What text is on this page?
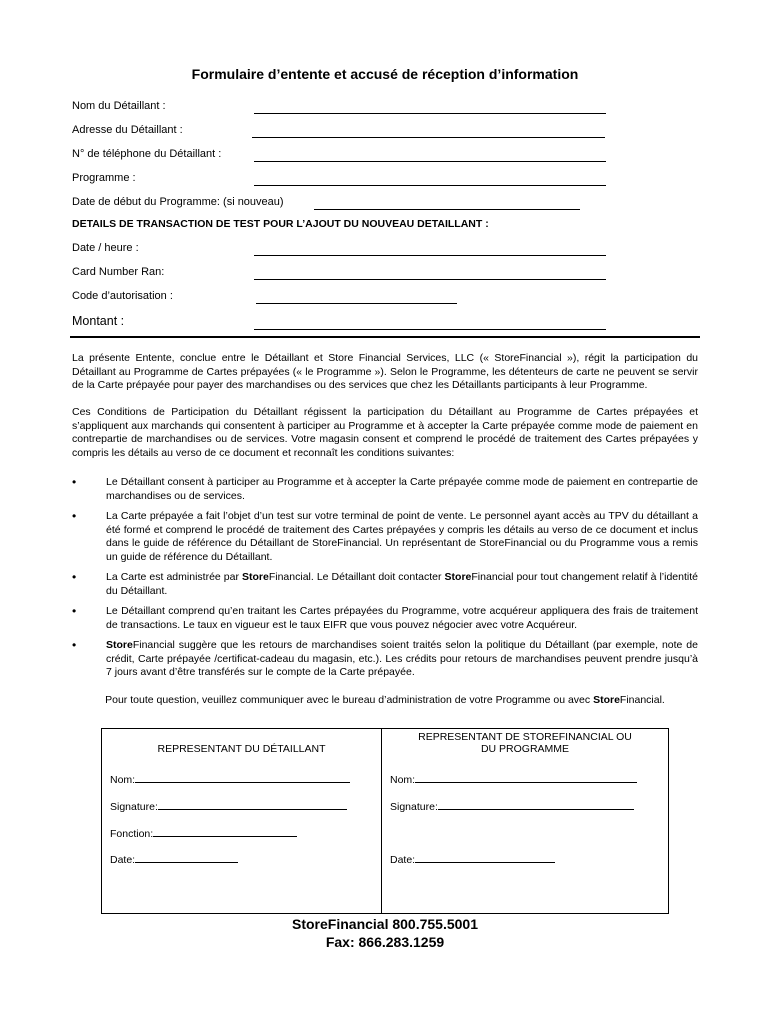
Formulaire d’entente et accusé de réception d’information
Nom du Détaillant :
Adresse du Détaillant :
N° de téléphone du Détaillant :
Programme :
Date de début du Programme: (si nouveau)
DETAILS DE TRANSACTION DE TEST POUR L’AJOUT DU NOUVEAU DETAILLANT :
Date / heure :
Card Number Ran:
Code d’autorisation :
Montant :

La présente Entente, conclue entre le Détaillant et Store Financial Services, LLC (« StoreFinancial »), régit la participation du Détaillant au Programme de Cartes prépayées (« le Programme »). Selon le Programme, les détenteurs de carte ne peuvent se servir de la Carte prépayée pour payer des marchandises ou des services que chez les Détaillants participants à leur Programme.

Ces Conditions de Participation du Détaillant régissent la participation du Détaillant au Programme de Cartes prépayées et s’appliquent aux marchands qui consentent à participer au Programme et à accepter la Carte prépayée comme mode de paiement en contrepartie de marchandises ou de services. Votre magasin consent et comprend le procédé de traitement des Cartes prépayées y compris les détails au verso de ce document et reconnaît les conditions suivantes:

•	Le Détaillant consent à participer au Programme et à accepter la Carte prépayée comme mode de paiement en contrepartie de marchandises ou de services.
•	La Carte prépayée a fait l’objet d’un test sur votre terminal de point de vente. Le personnel ayant accès au TPV du détaillant a été formé et comprend le procédé de traitement des Cartes prépayées y compris les détails au verso de ce document et inclus dans le guide de référence du Détaillant de StoreFinancial. Un représentant de StoreFinancial ou du Programme vous a remis un guide de référence du Détaillant.
•	La Carte est administrée par StoreFinancial. Le Détaillant doit contacter StoreFinancial pour tout changement relatif à l’identité du Détaillant.
•	Le Détaillant comprend qu’en traitant les Cartes prépayées du Programme, votre acquéreur appliquera des frais de traitement de transactions. Le taux en vigueur est le taux EIFR que vous pouvez négocier avec votre Acquéreur.
•	StoreFinancial suggère que les retours de marchandises soient traités selon la politique du Détaillant (par exemple, note de crédit, Carte prépayée /certificat-cadeau du magasin, etc.). Les crédits pour retours de marchandises peuvent prendre jusqu’à 7 jours avant d’être transférés sur le compte de la Carte prépayée.
Pour toute question, veuillez communiquer avec le bureau d’administration de votre Programme ou avec StoreFinancial.
REPRESENTANT DU DÉTAILLANT
Nom:
Signature:
Fonction:
Date:
REPRESENTANT DE STOREFINANCIAL OU
DU PROGRAMME
Nom:
Signature:
Date:
StoreFinancial 800.755.5001
Fax: 866.283.1259
